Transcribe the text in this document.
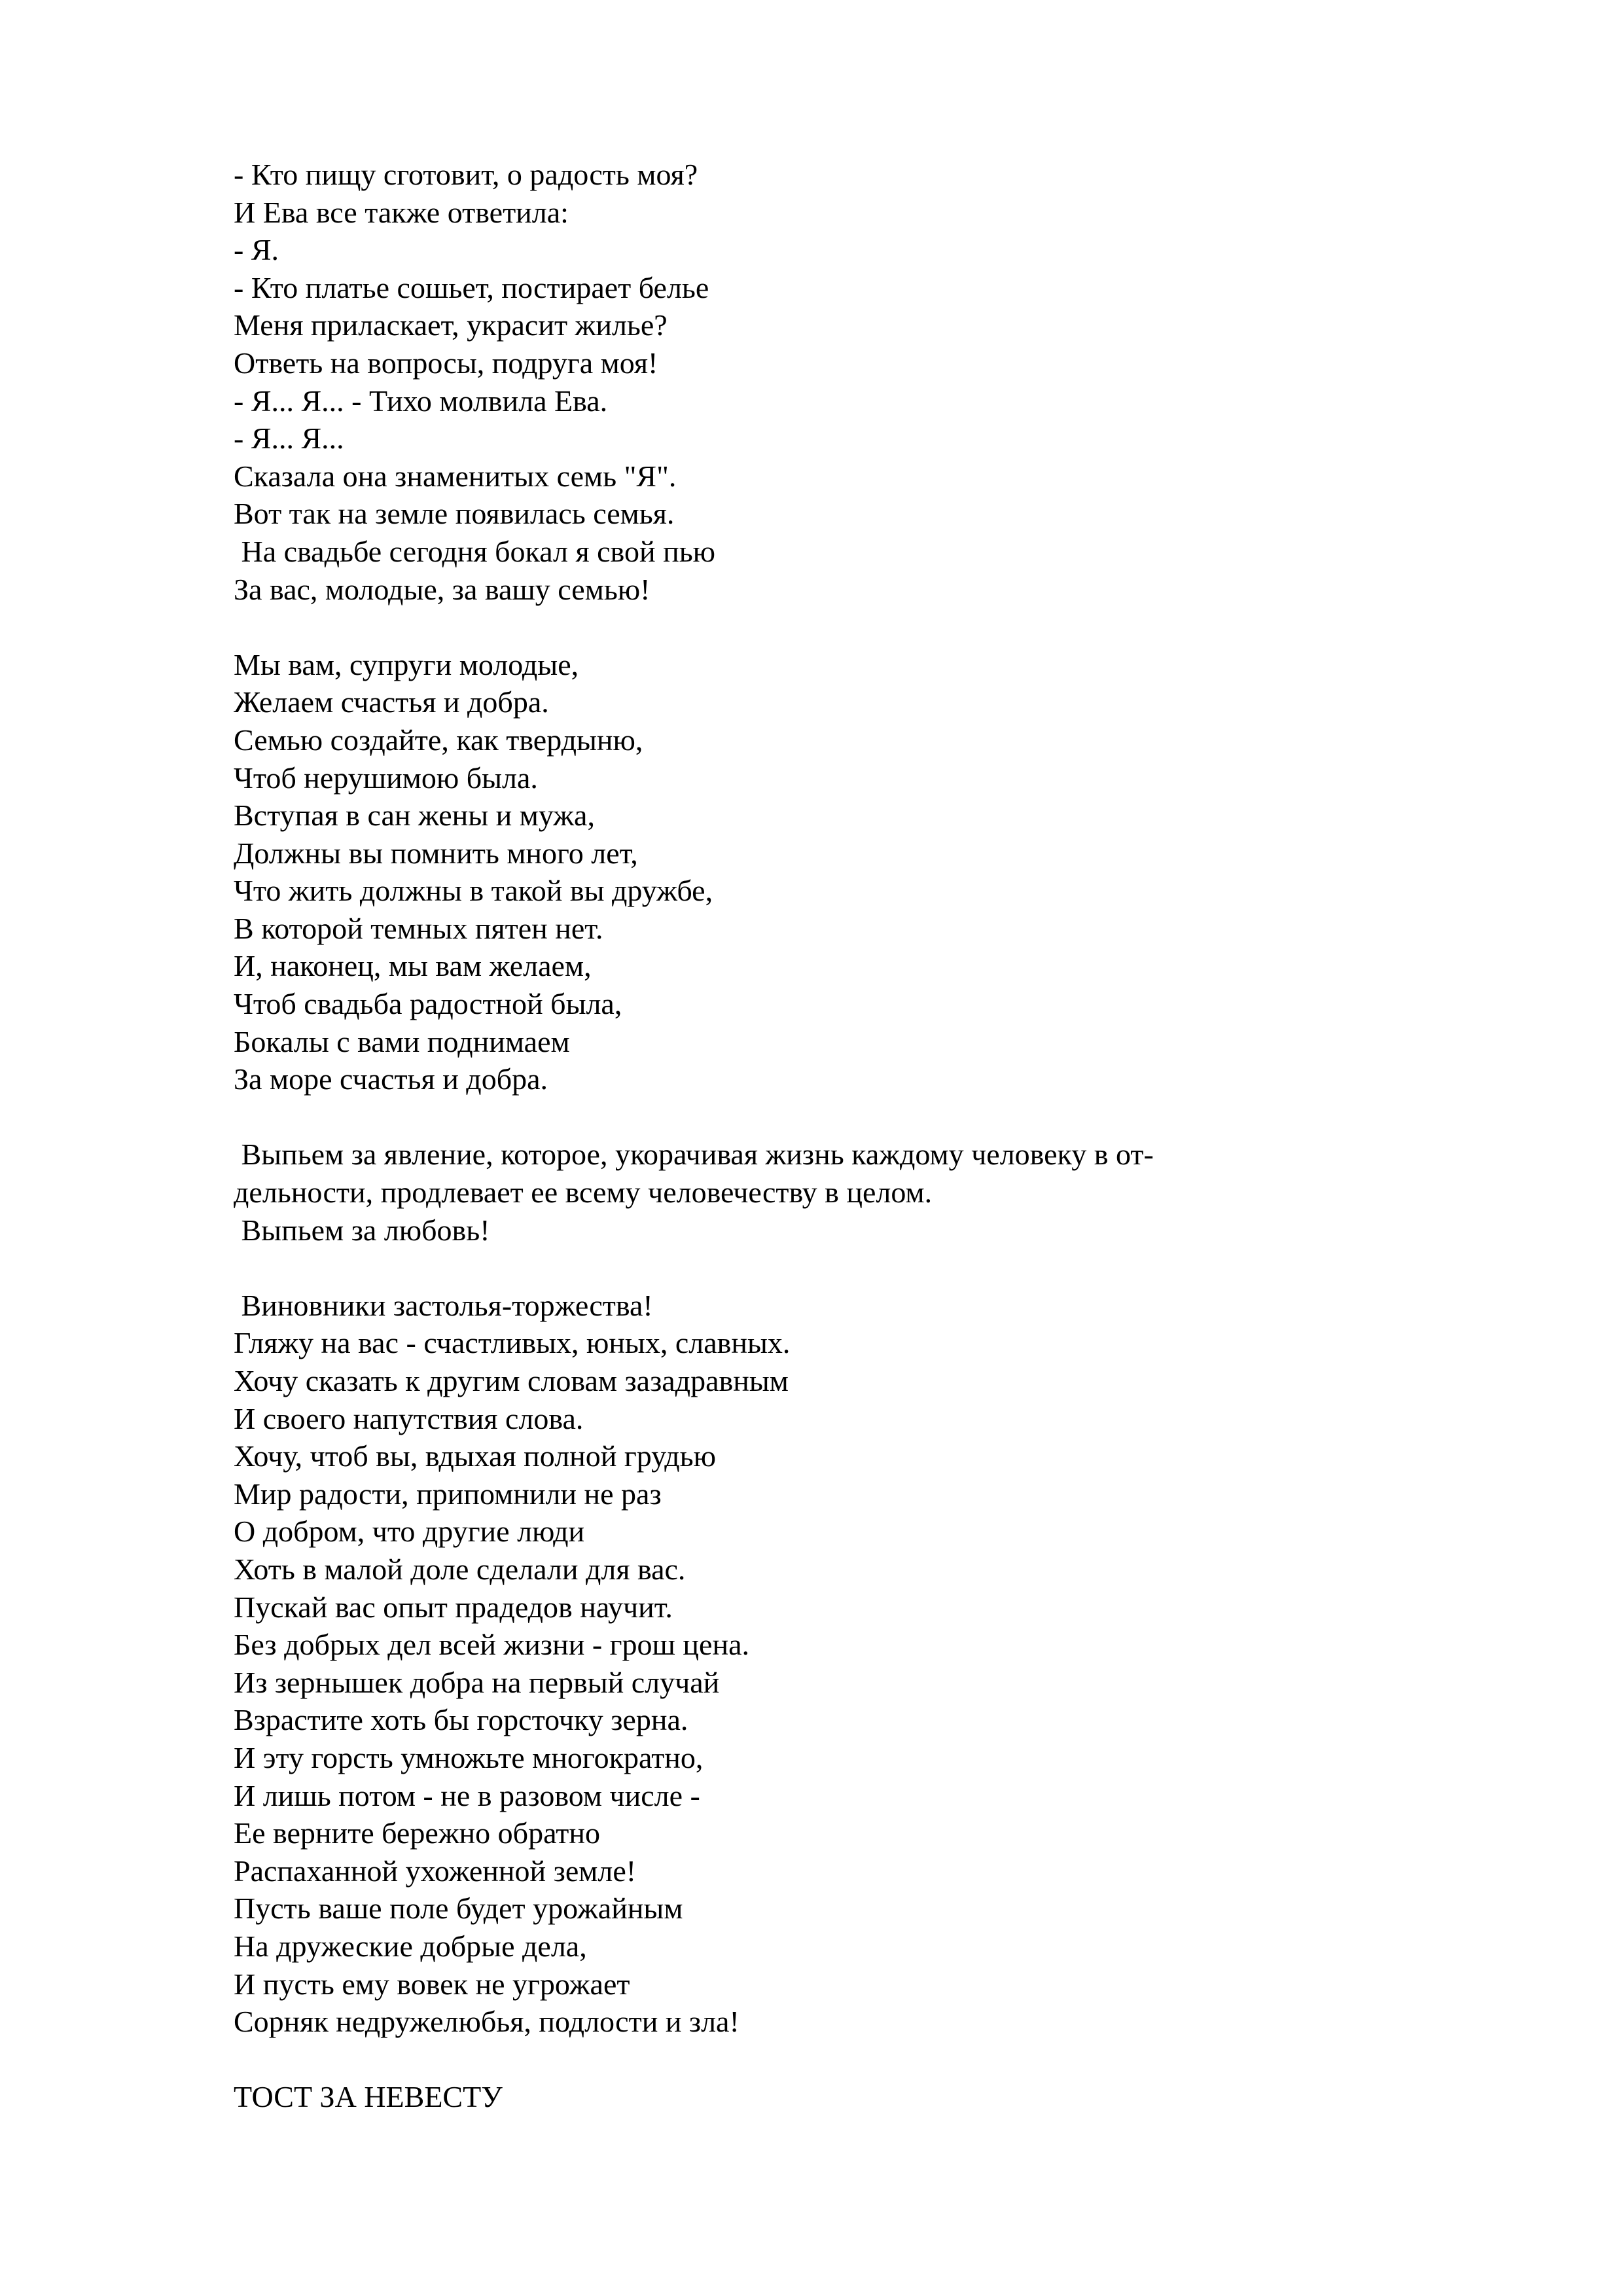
- Кто пищу сготовит, о радость моя?
И Ева все также ответила:
- Я.
- Кто платье сошьет, постирает белье
Меня приласкает, украсит жилье?
Ответь на вопросы, подруга моя!
- Я... Я... - Тихо молвила Ева.
- Я... Я...
Сказала она знаменитых семь "Я".
Вот так на земле появилась семья.
На свадьбе сегодня бокал я свой пью
За вас, молодые, за вашу семью!
Мы вам, супруги молодые,
Желаем счастья и добра.
Семью создайте, как твердыню,
Чтоб нерушимою была.
Вступая в сан жены и мужа,
Должны вы помнить много лет,
Что жить должны в такой вы дружбе,
В которой темных пятен нет.
И, наконец, мы вам желаем,
Чтоб свадьба радостной была,
Бокалы с вами поднимаем
За море счастья и добра.
Выпьем за явление, которое, укорачивая жизнь каждому человеку в от-
дельности, продлевает ее всему человечеству в целом.
Выпьем за любовь!
Виновники застолья-торжества!
Гляжу на вас - счастливых, юных, славных.
Хочу сказать к другим словам зазадравным
И своего напутствия слова.
Хочу, чтоб вы, вдыхая полной грудью
Мир радости, припомнили не раз
О добром, что другие люди
Хоть в малой доле сделали для вас.
Пускай вас опыт прадедов научит.
Без добрых дел всей жизни - грош цена.
Из зернышек добра на первый случай
Взрастите хоть бы горсточку зерна.
И эту горсть умножьте многократно,
И лишь потом - не в разовом числе -
Ее верните бережно обратно
Распаханной ухоженной земле!
Пусть ваше поле будет урожайным
На дружеские добрые дела,
И пусть ему вовек не угрожает
Сорняк недружелюбья, подлости и зла!
ТОСТ ЗА НЕВЕСТУ
